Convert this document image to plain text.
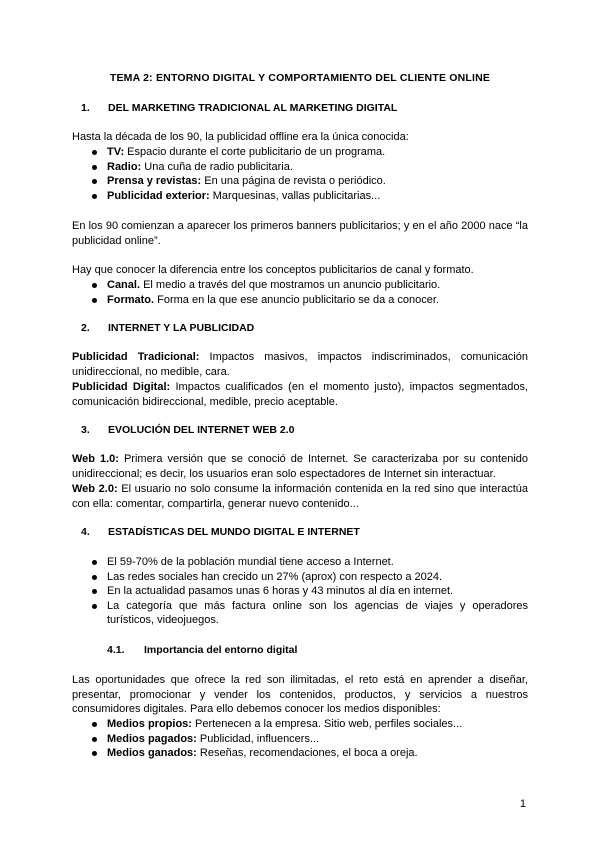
TEMA 2: ENTORNO DIGITAL Y COMPORTAMIENTO DEL CLIENTE ONLINE
1. DEL MARKETING TRADICIONAL AL MARKETING DIGITAL
Hasta la década de los 90, la publicidad offline era la única conocida:
TV: Espacio durante el corte publicitario de un programa.
Radio: Una cuña de radio publicitaria.
Prensa y revistas: En una página de revista o periódico.
Publicidad exterior: Marquesinas, vallas publicitarias...
En los 90 comienzan a aparecer los primeros banners publicitarios; y en el año 2000 nace “la publicidad online”.
Hay que conocer la diferencia entre los conceptos publicitarios de canal y formato.
Canal. El medio a través del que mostramos un anuncio publicitario.
Formato. Forma en la que ese anuncio publicitario se da a conocer.
2. INTERNET Y LA PUBLICIDAD
Publicidad Tradicional: Impactos masivos, impactos indiscriminados, comunicación unidireccional, no medible, cara.
Publicidad Digital: Impactos cualificados (en el momento justo), impactos segmentados, comunicación bidireccional, medible, precio aceptable.
3. EVOLUCIÓN DEL INTERNET WEB 2.0
Web 1.0: Primera versión que se conoció de Internet. Se caracterizaba por su contenido unidireccional; es decir, los usuarios eran solo espectadores de Internet sin interactuar.
Web 2.0: El usuario no solo consume la información contenida en la red sino que interactúa con ella: comentar, compartirla, generar nuevo contenido...
4. ESTADÍSTICAS DEL MUNDO DIGITAL E INTERNET
El 59-70% de la población mundial tiene acceso a Internet.
Las redes sociales han crecido un 27% (aprox) con respecto a 2024.
En la actualidad pasamos unas 6 horas y 43 minutos al día en internet.
La categoría que más factura online son los agencias de viajes y operadores turísticos, videojuegos.
4.1. Importancia del entorno digital
Las oportunidades que ofrece la red son ilimitadas, el reto está en aprender a diseñar, presentar, promocionar y vender los contenidos, productos, y servicios a nuestros consumidores digitales. Para ello debemos conocer los medios disponibles:
Medios propios: Pertenecen a la empresa. Sitio web, perfiles sociales...
Medios pagados: Publicidad, influencers...
Medios ganados: Reseñas, recomendaciones, el boca a oreja.
1
